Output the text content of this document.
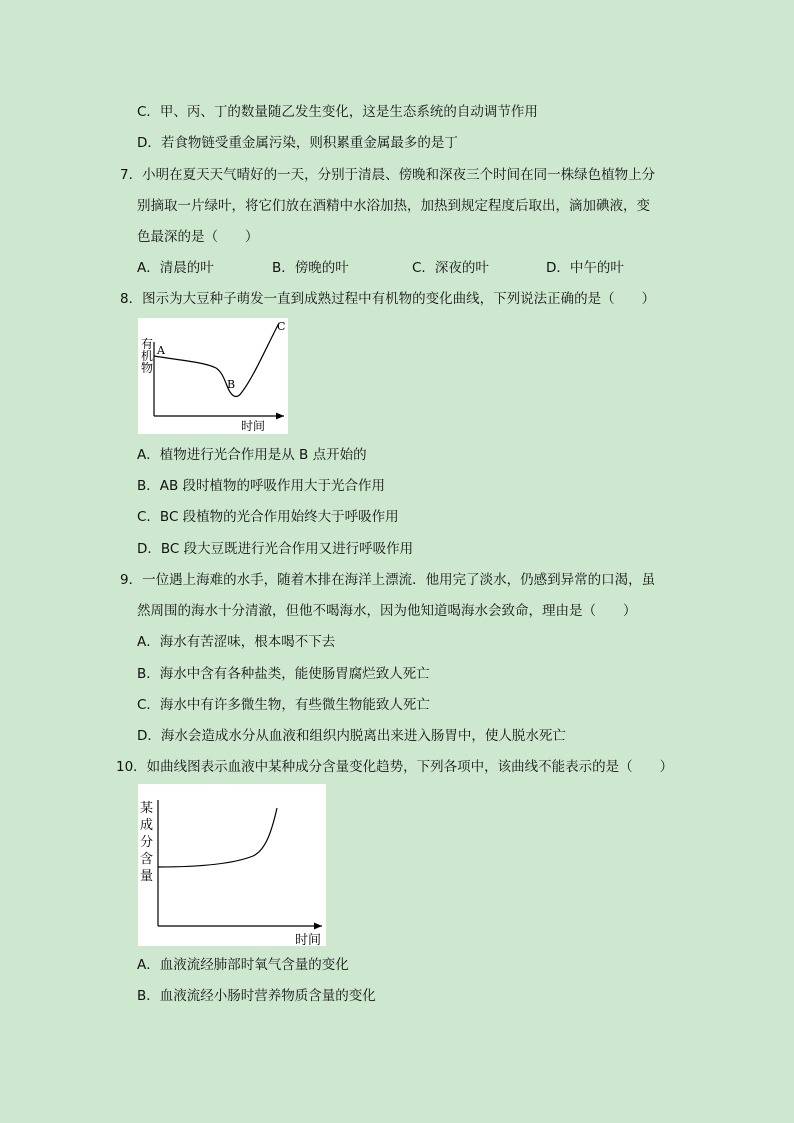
C．甲、丙、丁的数量随乙发生变化，这是生态系统的自动调节作用
D．若食物链受重金属污染，则积累重金属最多的是丁
7．小明在夏天天气晴好的一天，分别于清晨、傍晚和深夜三个时间在同一株绿色植物上分
别摘取一片绿叶，将它们放在酒精中水浴加热，加热到规定程度后取出，滴加碘液，变
色最深的是（　　）
A．清晨的叶	B．傍晚的叶	C．深夜的叶	D．中午的叶
8．图示为大豆种子萌发一直到成熟过程中有机物的变化曲线，下列说法正确的是（　　）
有
机
物
A
B
C
时间
A．植物进行光合作用是从 B 点开始的
B．AB 段时植物的呼吸作用大于光合作用
C．BC 段植物的光合作用始终大于呼吸作用
D．BC 段大豆既进行光合作用又进行呼吸作用
9．一位遇上海难的水手，随着木排在海洋上漂流．他用完了淡水，仍感到异常的口渴，虽
然周围的海水十分清澈，但他不喝海水，因为他知道喝海水会致命，理由是（　　）
A．海水有苦涩味，根本喝不下去
B．海水中含有各种盐类，能使肠胃腐烂致人死亡
C．海水中有许多微生物，有些微生物能致人死亡
D．海水会造成水分从血液和组织内脱离出来进入肠胃中，使人脱水死亡
10．如曲线图表示血液中某种成分含量变化趋势，下列各项中，该曲线不能表示的是（　　）
某
成
分
含
量
时间
A．血液流经肺部时氧气含量的变化
B．血液流经小肠时营养物质含量的变化
